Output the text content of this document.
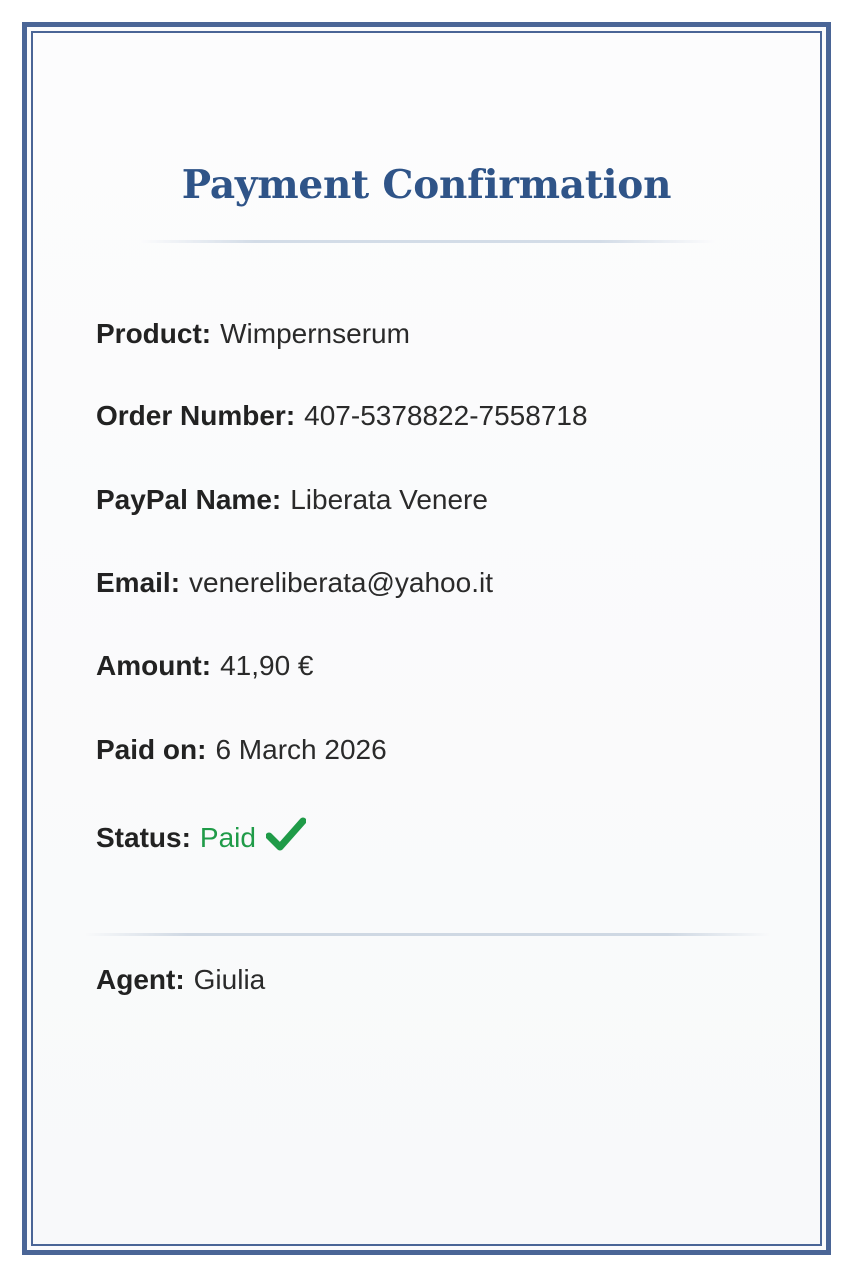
Payment Confirmation
Product: Wimpernserum
Order Number: 407-5378822-7558718
PayPal Name: Liberata Venere
Email: venereliberata@yahoo.it
Amount: 41,90 €
Paid on: 6 March 2026
Status: Paid
Agent: Giulia
